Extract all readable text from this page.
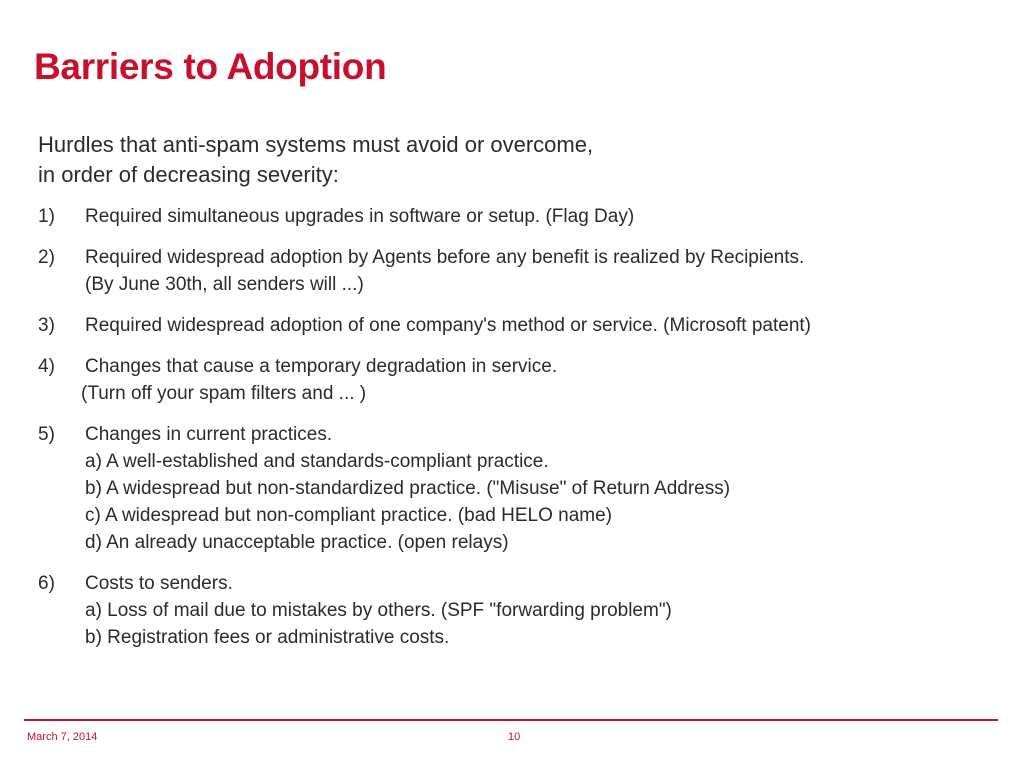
Barriers to Adoption
Hurdles that anti-spam systems must avoid or overcome,
in order of decreasing severity:
1)	Required simultaneous upgrades in software or setup. (Flag Day)
2)	Required widespread adoption by Agents before any benefit is realized by Recipients.
(By June 30th, all senders will ...)
3)	Required widespread adoption of one company's method or service. (Microsoft patent)
4)	Changes that cause a temporary degradation in service.
(Turn off your spam filters and ... )
5)	Changes in current practices.
a) A well-established and standards-compliant practice.
b) A widespread but non-standardized practice. ("Misuse" of Return Address)
c) A widespread but non-compliant practice. (bad HELO name)
d) An already unacceptable practice. (open relays)
6)	Costs to senders.
a) Loss of mail due to mistakes by others. (SPF "forwarding problem")
b) Registration fees or administrative costs.
March 7, 2014	10
